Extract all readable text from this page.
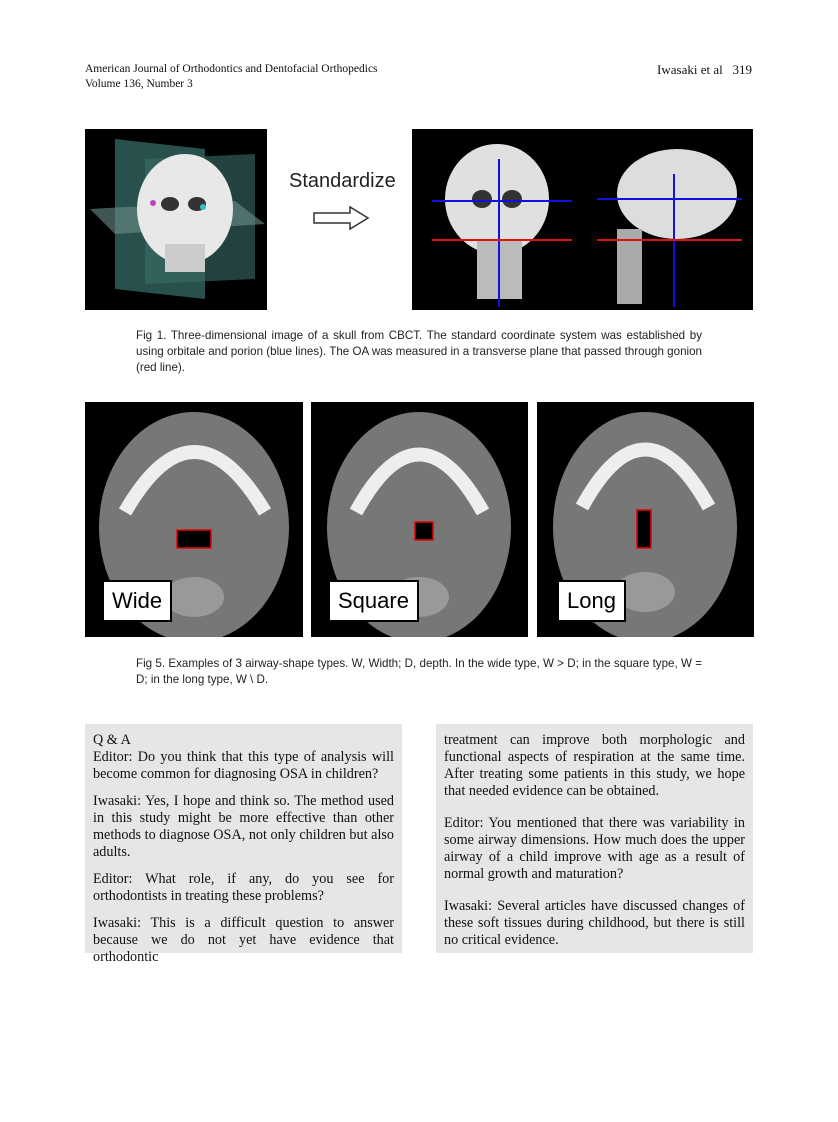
American Journal of Orthodontics and Dentofacial Orthopedics
Volume 136, Number 3
Iwasaki et al 319
Standardize
Fig 1. Three-dimensional image of a skull from CBCT. The standard coordinate system was established by using orbitale and porion (blue lines). The OA was measured in a transverse plane that passed through gonion (red line).
Wide	Square	Long
Fig 5. Examples of 3 airway-shape types. W, Width; D, depth. In the wide type, W > D; in the square type, W = D; in the long type, W \ D.
Q & A

Editor: Do you think that this type of analysis will become common for diagnosing OSA in children?

Iwasaki: Yes, I hope and think so. The method used in this study might be more effective than other methods to diagnose OSA, not only children but also adults.

Editor: What role, if any, do you see for orthodontists in treating these problems?

Iwasaki: This is a difficult question to answer because we do not yet have evidence that orthodontic

treatment can improve both morphologic and functional aspects of respiration at the same time. After treating some patients in this study, we hope that needed evidence can be obtained.

Editor: You mentioned that there was variability in some airway dimensions. How much does the upper airway of a child improve with age as a result of normal growth and maturation?

Iwasaki: Several articles have discussed changes of these soft tissues during childhood, but there is still no critical evidence.
